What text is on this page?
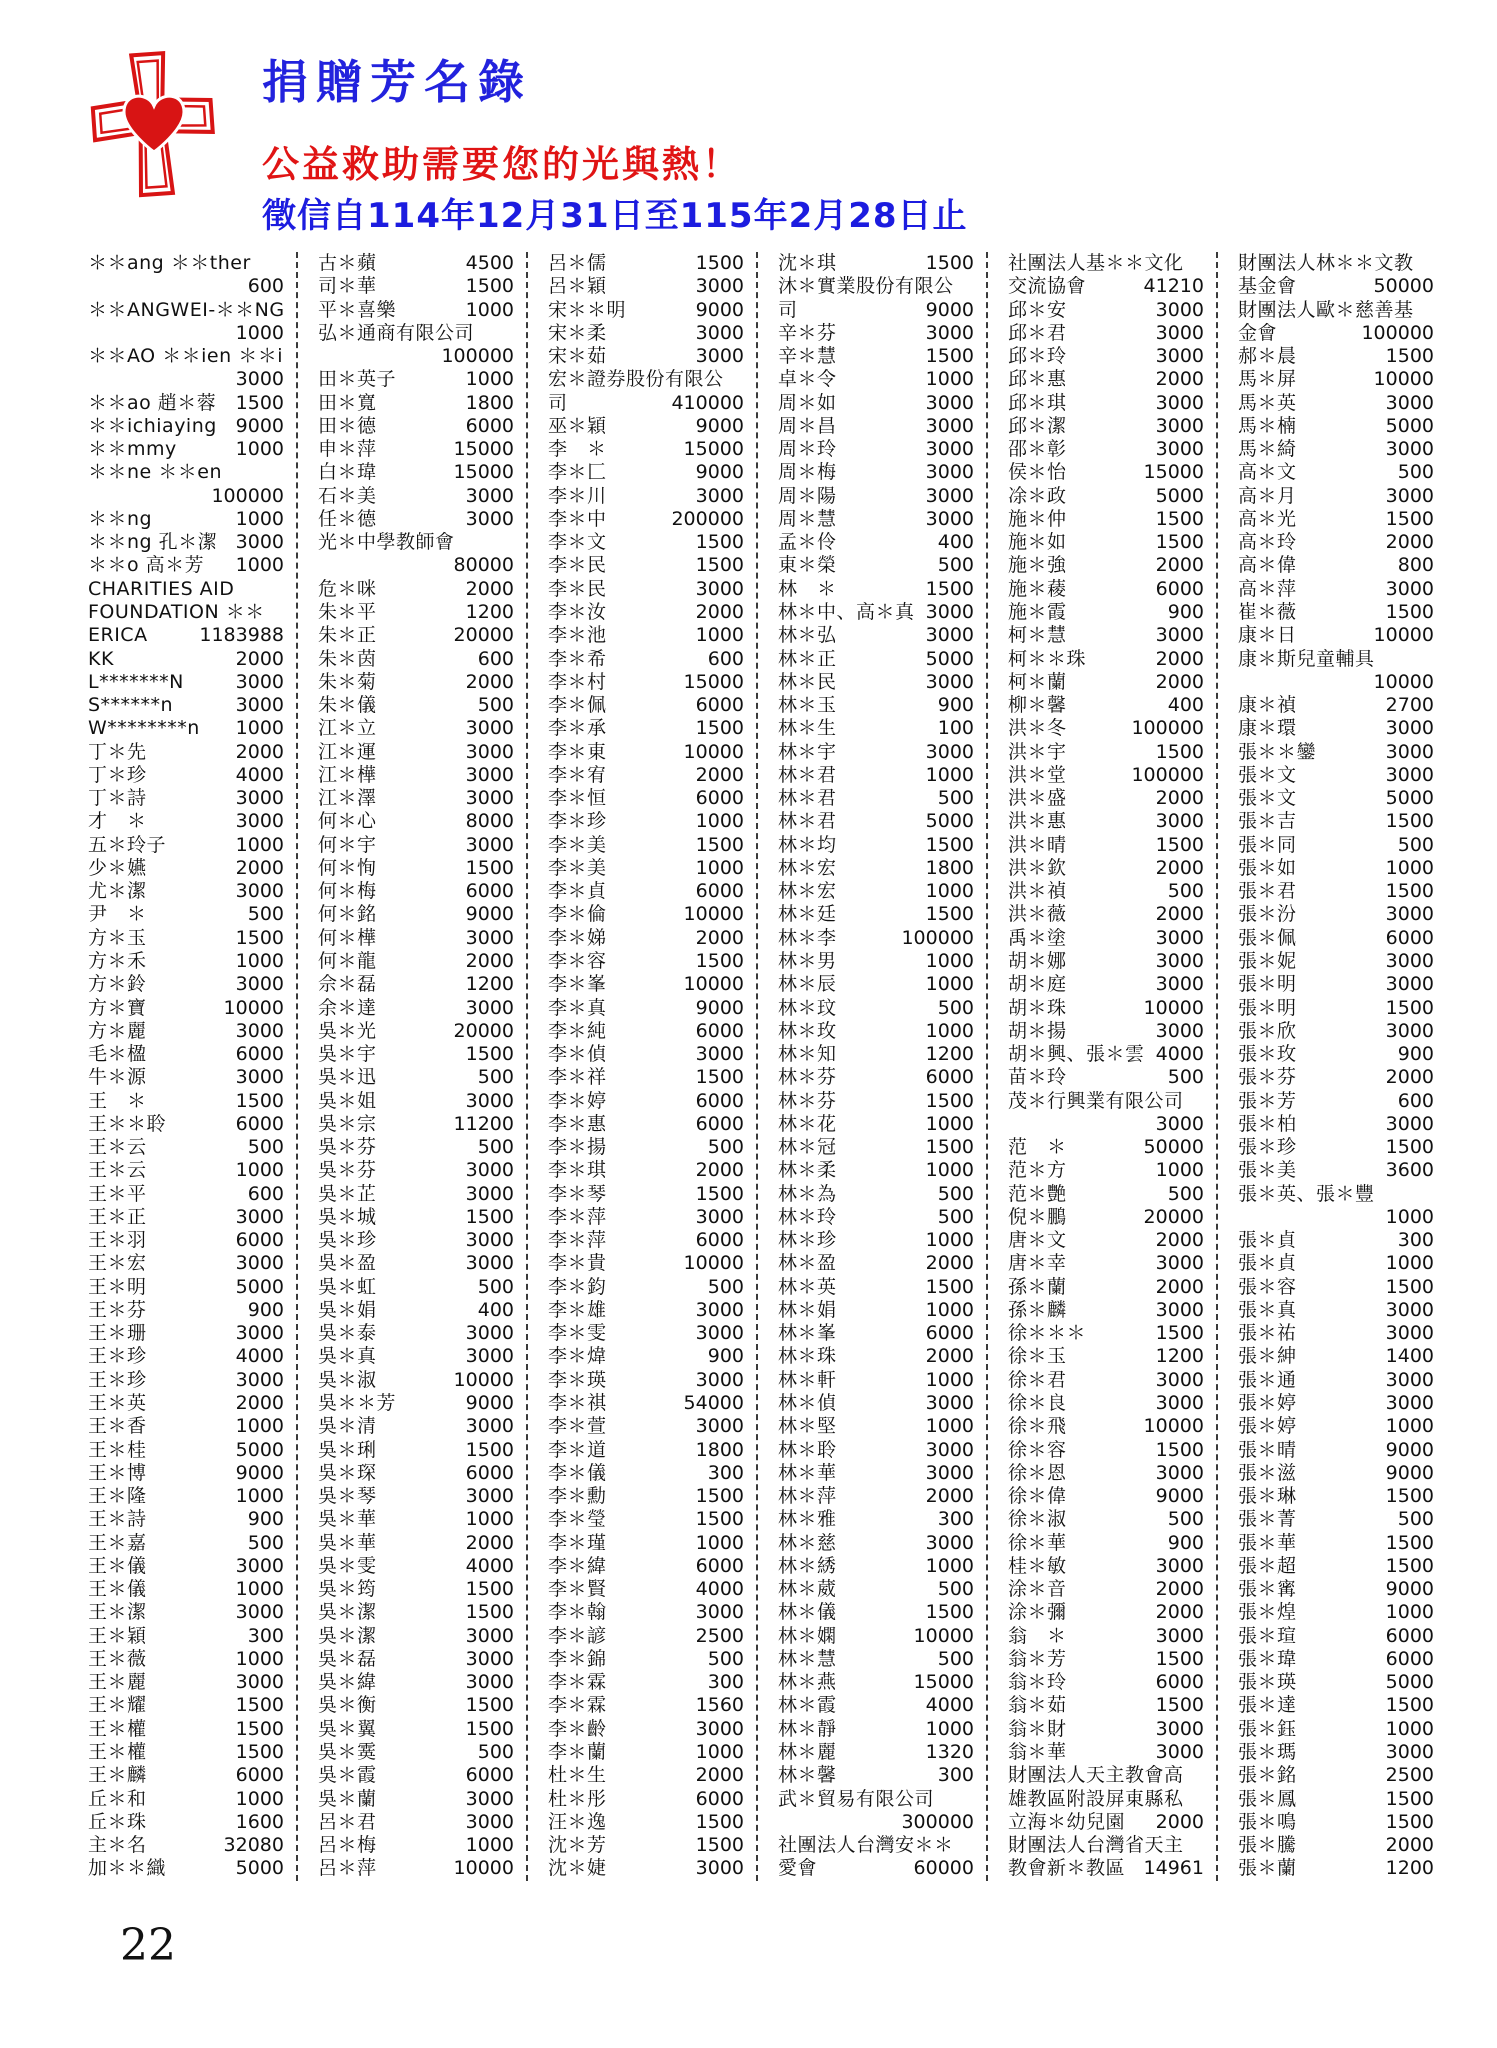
捐贈芳名錄
公益救助需要您的光與熱！
徵信自114年12月31日至115年2月28日止
＊＊ang ＊＊ther
600
＊＊ANGWEI-＊＊NG
1000
＊＊AO ＊＊ien ＊＊i
3000
＊＊ao 趙＊蓉 1500
＊＊ichiaying 9000
＊＊mmy	1000
＊＊ne ＊＊en
100000
＊＊ng	1000
＊＊ng 孔＊潔 3000
＊＊o 高＊芳 1000
CHARITIES AID
FOUNDATION ＊＊
ERICA	1183988
KK	2000
L*******N	3000
S******n	3000
W********n 1000
丁＊先	2000
丁＊珍	4000
丁＊詩	3000
才　＊	3000
五＊玲子	1000
少＊嬿	2000
尤＊潔	3000
尹　＊	500
方＊玉	1500
方＊禾	1000
方＊鈴	3000
方＊寶	10000
方＊麗	3000
毛＊楹	6000
牛＊源	3000
王　＊	1500
王＊＊聆	6000
王＊云	500
王＊云	1000
王＊平	600
王＊正	3000
王＊羽	6000
王＊宏	3000
王＊明	5000
王＊芬	900
王＊珊	3000
王＊珍	4000
王＊珍	3000
王＊英	2000
王＊香	1000
王＊桂	5000
王＊博	9000
王＊隆	1000
王＊詩	900
王＊嘉	500
王＊儀	3000
王＊儀	1000
王＊潔	3000
王＊穎	300
王＊薇	1000
王＊麗	3000
王＊耀	1500
王＊權	1500
王＊權	1500
王＊麟	6000
丘＊和	1000
丘＊珠	1600
主＊名	32080
加＊＊織	5000
古＊蘋	4500
司＊華	1500
平＊喜樂	1000
弘＊通商有限公司
100000
田＊英子	1000
田＊寬	1800
田＊德	6000
申＊萍	15000
白＊瑋	15000
石＊美	3000
任＊德	3000
光＊中學教師會
80000
危＊咪	2000
朱＊平	1200
朱＊正	20000
朱＊茵	600
朱＊菊	2000
朱＊儀	500
江＊立	3000
江＊運	3000
江＊樺	3000
江＊澤	3000
何＊心	8000
何＊宇	3000
何＊恂	1500
何＊梅	6000
何＊銘	9000
何＊樺	3000
何＊龍	2000
佘＊磊	1200
余＊達	3000
吳＊光	20000
吳＊宇	1500
吳＊迅	500
吳＊姐	3000
吳＊宗	11200
吳＊芬	500
吳＊芬	3000
吳＊芷	3000
吳＊城	1500
吳＊珍	3000
吳＊盈	3000
吳＊虹	500
吳＊娟	400
吳＊泰	3000
吳＊真	3000
吳＊淑	10000
吳＊＊芳	9000
吳＊清	3000
吳＊琍	1500
吳＊琛	6000
吳＊琴	3000
吳＊華	1000
吳＊華	2000
吳＊雯	4000
吳＊筠	1500
吳＊潔	1500
吳＊潔	3000
吳＊磊	3000
吳＊緯	3000
吳＊衡	1500
吳＊翼	1500
吳＊霙	500
吳＊霞	6000
吳＊蘭	3000
呂＊君	3000
呂＊梅	1000
呂＊萍	10000
呂＊儒	1500
呂＊穎	3000
宋＊＊明	9000
宋＊柔	3000
宋＊茹	3000
宏＊證券股份有限公
司	410000
巫＊穎	9000
李　＊	15000
李＊匚	9000
李＊川	3000
李＊中	200000
李＊文	1500
李＊民	1500
李＊民	3000
李＊汝	2000
李＊池	1000
李＊希	600
李＊村	15000
李＊佩	6000
李＊承	1500
李＊東	10000
李＊宥	2000
李＊恒	6000
李＊珍	1000
李＊美	1500
李＊美	1000
李＊貞	6000
李＊倫	10000
李＊娣	2000
李＊容	1500
李＊峯	10000
李＊真	9000
李＊純	6000
李＊偵	3000
李＊祥	1500
李＊婷	6000
李＊惠	6000
李＊揚	500
李＊琪	2000
李＊琴	1500
李＊萍	3000
李＊萍	6000
李＊貴	10000
李＊鈞	500
李＊雄	3000
李＊雯	3000
李＊煒	900
李＊瑛	3000
李＊祺	54000
李＊萱	3000
李＊道	1800
李＊儀	300
李＊勳	1500
李＊瑩	1500
李＊瑾	1000
李＊緯	6000
李＊賢	4000
李＊翰	3000
李＊諺	2500
李＊錦	500
李＊霖	300
李＊霖	1560
李＊齡	3000
李＊蘭	1000
杜＊生	2000
杜＊彤	6000
汪＊逸	1500
沈＊芳	1500
沈＊婕	3000
沈＊琪	1500
沐＊實業股份有限公
司	9000
辛＊芬	3000
辛＊慧	1500
卓＊令	1000
周＊如	3000
周＊昌	3000
周＊玲	3000
周＊梅	3000
周＊陽	3000
周＊慧	3000
孟＊伶	400
東＊榮	500
林　＊	1500
林＊中、高＊真 3000
林＊弘	3000
林＊正	5000
林＊民	3000
林＊玉	900
林＊生	100
林＊宇	3000
林＊君	1000
林＊君	500
林＊君	5000
林＊均	1500
林＊宏	1800
林＊宏	1000
林＊廷	1500
林＊李	100000
林＊男	1000
林＊辰	1000
林＊玟	500
林＊玫	1000
林＊知	1200
林＊芬	6000
林＊芬	1500
林＊花	1000
林＊冠	1500
林＊柔	1000
林＊為	500
林＊玲	500
林＊珍	1000
林＊盈	2000
林＊英	1500
林＊娟	1000
林＊峯	6000
林＊珠	2000
林＊軒	1000
林＊偵	3000
林＊堅	1000
林＊聆	3000
林＊華	3000
林＊萍	2000
林＊雅	300
林＊慈	3000
林＊綉	1000
林＊葳	500
林＊儀	1500
林＊嫻	10000
林＊慧	500
林＊燕	15000
林＊霞	4000
林＊靜	1000
林＊麗	1320
林＊馨	300
武＊貿易有限公司
300000
社團法人台灣安＊＊
愛會	60000
社團法人基＊＊文化
交流協會	41210
邱＊安	3000
邱＊君	3000
邱＊玲	3000
邱＊惠	2000
邱＊琪	3000
邱＊潔	3000
邵＊彰	3000
侯＊怡	15000
凃＊政	5000
施＊仲	1500
施＊如	1500
施＊強	2000
施＊薐	6000
施＊霞	900
柯＊慧	3000
柯＊＊珠	2000
柯＊蘭	2000
柳＊馨	400
洪＊冬	100000
洪＊宇	1500
洪＊堂	100000
洪＊盛	2000
洪＊惠	3000
洪＊晴	1500
洪＊欽	2000
洪＊禎	500
洪＊薇	2000
禹＊塗	3000
胡＊娜	3000
胡＊庭	3000
胡＊珠	10000
胡＊揚	3000
胡＊興、張＊雲 4000
苗＊玲	500
茂＊行興業有限公司
3000
范　＊	50000
范＊方	1000
范＊艷	500
倪＊鵬	20000
唐＊文	2000
唐＊幸	3000
孫＊蘭	2000
孫＊麟	3000
徐＊＊＊	1500
徐＊玉	1200
徐＊君	3000
徐＊良	3000
徐＊飛	10000
徐＊容	1500
徐＊恩	3000
徐＊偉	9000
徐＊淑	500
徐＊華	900
桂＊敏	3000
涂＊音	2000
涂＊彌	2000
翁　＊	3000
翁＊芳	1500
翁＊玲	6000
翁＊茹	1500
翁＊財	3000
翁＊華	3000
財團法人天主教會高
雄教區附設屏東縣私
立海＊幼兒園 2000
財團法人台灣省天主
教會新＊教區 14961
財團法人林＊＊文教
基金會	50000
財團法人歐＊慈善基
金會	100000
郝＊晨	1500
馬＊屏	10000
馬＊英	3000
馬＊楠	5000
馬＊綺	3000
高＊文	500
高＊月	3000
高＊光	1500
高＊玲	2000
高＊偉	800
高＊萍	3000
崔＊薇	1500
康＊日	10000
康＊斯兒童輔具
10000
康＊禎	2700
康＊環	3000
張＊＊鑾	3000
張＊文	3000
張＊文	5000
張＊吉	1500
張＊同	500
張＊如	1000
張＊君	1500
張＊汾	3000
張＊佩	6000
張＊妮	3000
張＊明	3000
張＊明	1500
張＊欣	3000
張＊玫	900
張＊芬	2000
張＊芳	600
張＊柏	3000
張＊珍	1500
張＊美	3600
張＊英、張＊豐
1000
張＊貞	300
張＊貞	1000
張＊容	1500
張＊真	3000
張＊祐	3000
張＊紳	1400
張＊通	3000
張＊婷	3000
張＊婷	1000
張＊晴	9000
張＊滋	9000
張＊琳	1500
張＊菁	500
張＊華	1500
張＊超	1500
張＊寗	9000
張＊煌	1000
張＊瑄	6000
張＊瑋	6000
張＊瑛	5000
張＊達	1500
張＊鈺	1000
張＊瑪	3000
張＊銘	2500
張＊鳳	1500
張＊鳴	1500
張＊騰	2000
張＊蘭	1200
22
